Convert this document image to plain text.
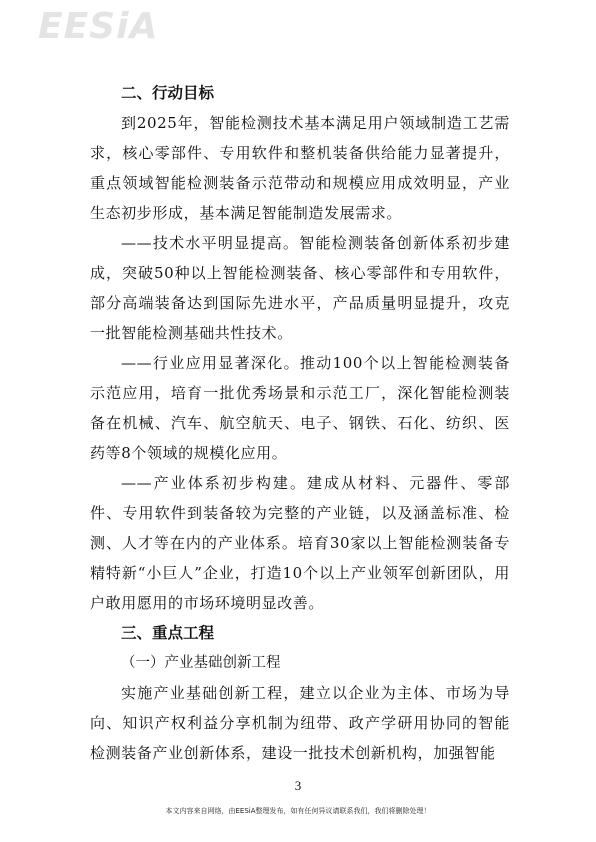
EESiA

二、行动目标

到2025年，智能检测技术基本满足用户领域制造工艺需求，核心零部件、专用软件和整机装备供给能力显著提升，重点领域智能检测装备示范带动和规模应用成效明显，产业生态初步形成，基本满足智能制造发展需求。

——技术水平明显提高。智能检测装备创新体系初步建成，突破50种以上智能检测装备、核心零部件和专用软件，部分高端装备达到国际先进水平，产品质量明显提升，攻克一批智能检测基础共性技术。

——行业应用显著深化。推动100个以上智能检测装备示范应用，培育一批优秀场景和示范工厂，深化智能检测装备在机械、汽车、航空航天、电子、钢铁、石化、纺织、医药等8个领域的规模化应用。

——产业体系初步构建。建成从材料、元器件、零部件、专用软件到装备较为完整的产业链，以及涵盖标准、检测、人才等在内的产业体系。培育30家以上智能检测装备专精特新“小巨人”企业，打造10个以上产业领军创新团队，用户敢用愿用的市场环境明显改善。

三、重点工程

（一）产业基础创新工程

实施产业基础创新工程，建立以企业为主体、市场为导向、知识产权利益分享机制为纽带、政产学研用协同的智能检测装备产业创新体系，建设一批技术创新机构，加强智能

3
本文内容来自网络，由EESiA整理发布，如有任何异议请联系我们，我们将删除处理！
